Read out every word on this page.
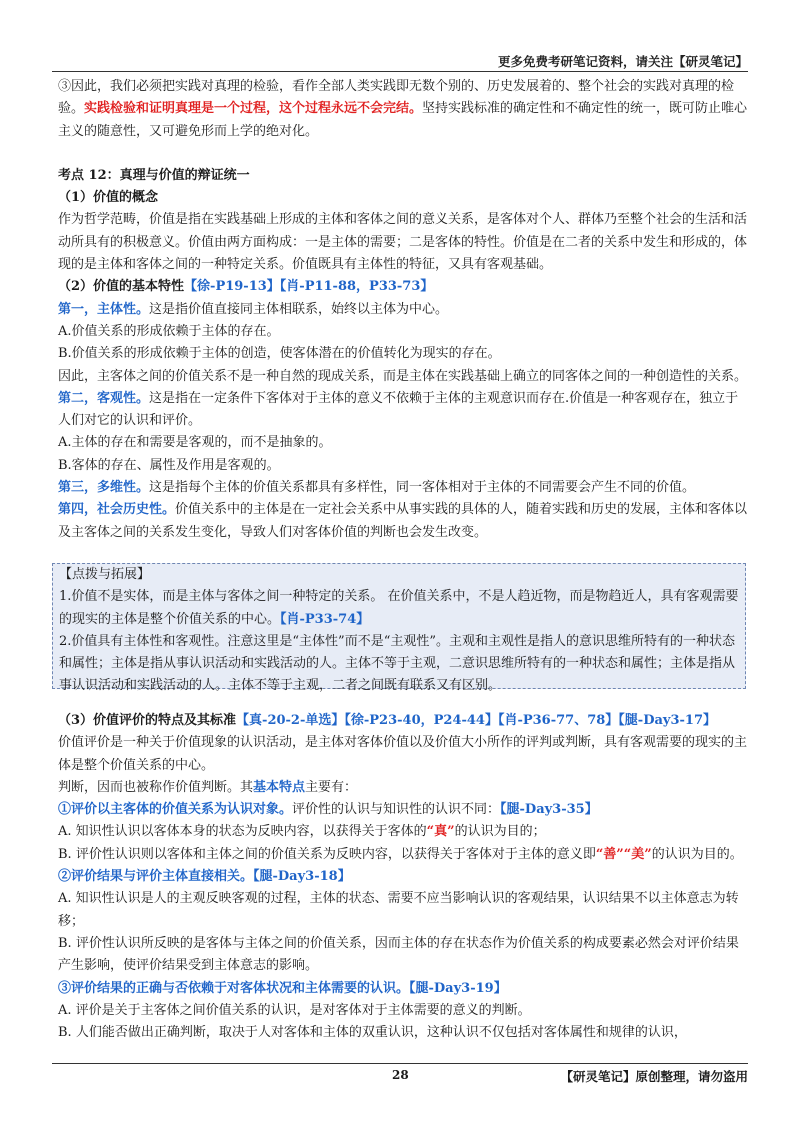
更多免费考研笔记资料，请关注【研灵笔记】

③因此，我们必须把实践对真理的检验，看作全部人类实践即无数个别的、历史发展着的、整个社会的实践对真理的检验。实践检验和证明真理是一个过程，这个过程永远不会完结。坚持实践标准的确定性和不确定性的统一，既可防止唯心主义的随意性，又可避免形而上学的绝对化。

考点 12：真理与价值的辩证统一

（1）价值的概念

作为哲学范畴，价值是指在实践基础上形成的主体和客体之间的意义关系，是客体对个人、群体乃至整个社会的生活和活动所具有的积极意义。价值由两方面构成：一是主体的需要；二是客体的特性。价值是在二者的关系中发生和形成的，体现的是主体和客体之间的一种特定关系。价值既具有主体性的特征，又具有客观基础。

（2）价值的基本特性【徐-P19-13】【肖-P11-88，P33-73】

第一，主体性。这是指价值直接同主体相联系，始终以主体为中心。

A.价值关系的形成依赖于主体的存在。

B.价值关系的形成依赖于主体的创造，使客体潜在的价值转化为现实的存在。

因此，主客体之间的价值关系不是一种自然的现成关系，而是主体在实践基础上确立的同客体之间的一种创造性的关系。

第二，客观性。这是指在一定条件下客体对于主体的意义不依赖于主体的主观意识而存在.价值是一种客观存在，独立于人们对它的认识和评价。

A.主体的存在和需要是客观的，而不是抽象的。

B.客体的存在、属性及作用是客观的。

第三，多维性。这是指每个主体的价值关系都具有多样性，同一客体相对于主体的不同需要会产生不同的价值。

第四，社会历史性。价值关系中的主体是在一定社会关系中从事实践的具体的人，随着实践和历史的发展，主体和客体以及主客体之间的关系发生变化，导致人们对客体价值的判断也会发生改变。

【点拨与拓展】

1.价值不是实体，而是主体与客体之间一种特定的关系。 在价值关系中，不是人趋近物，而是物趋近人，具有客观需要的现实的主体是整个价值关系的中心。【肖-P33-74】

2.价值具有主体性和客观性。注意这里是“主体性”而不是“主观性”。主观和主观性是指人的意识思维所特有的一种状态和属性；主体是指从事认识活动和实践活动的人。主体不等于主观，二意识思维所特有的一种状态和属性；主体是指从事认识活动和实践活动的人。主体不等于主观，二者之间既有联系又有区别。

（3）价值评价的特点及其标准【真-20-2-单选】【徐-P23-40，P24-44】【肖-P36-77、78】【腿-Day3-17】

价值评价是一种关于价值现象的认识活动，是主体对客体价值以及价值大小所作的评判或判断，具有客观需要的现实的主体是整个价值关系的中心。

判断，因而也被称作价值判断。其基本特点主要有：

①评价以主客体的价值关系为认识对象。评价性的认识与知识性的认识不同：【腿-Day3-35】

A. 知识性认识以客体本身的状态为反映内容，以获得关于客体的“真”的认识为目的；

B. 评价性认识则以客体和主体之间的价值关系为反映内容，以获得关于客体对于主体的意义即“善”“美”的认识为目的。

②评价结果与评价主体直接相关。【腿-Day3-18】

A. 知识性认识是人的主观反映客观的过程，主体的状态、需要不应当影响认识的客观结果，认识结果不以主体意志为转移；

B. 评价性认识所反映的是客体与主体之间的价值关系，因而主体的存在状态作为价值关系的构成要素必然会对评价结果产生影响，使评价结果受到主体意志的影响。

③评价结果的正确与否依赖于对客体状况和主体需要的认识。【腿-Day3-19】

A. 评价是关于主客体之间价值关系的认识，是对客体对于主体需要的意义的判断。

B. 人们能否做出正确判断，取决于人对客体和主体的双重认识，这种认识不仅包括对客体属性和规律的认识，

28	【研灵笔记】原创整理，请勿盗用
